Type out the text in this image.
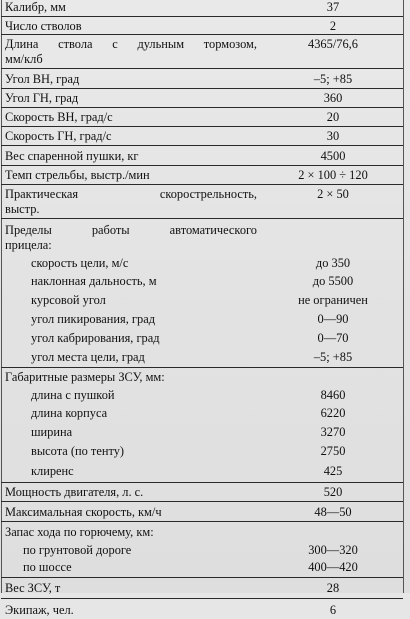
Калибр, мм	37
Число стволов	2

Длина ствола с дульным тормозом,
мм/клб	4365/76,6
Угол ВН, град	–5; +85
Угол ГН, град	360
Скорость ВН, град/с	20
Скорость ГН, град/с	30
Вес спаренной пушки, кг	4500
Темп стрельбы, выстр./мин	2 × 100 ÷ 120

Практическая скорострельность,
выстр.	2 × 50

Пределы работы автоматического
прицела:	

скорость цели, м/с	до 350
наклонная дальность, м	до 5500
курсовой угол	не ограничен
угол пикирования, град	0—90
угол кабрирования, град	0—70
угол места цели, град	–5; +85
Габаритные размеры ЗСУ, мм:	
длина с пушкой	8460
длина корпуса	6220
ширина	3270
высота (по тенту)	2750
клиренс	425
Мощность двигателя, л. с.	520
Максимальная скорость, км/ч	48—50
Запас хода по горючему, км:	
по грунтовой дороге	300—320
по шоссе	400—420
Вес ЗСУ, т	28
Экипаж, чел.	6
